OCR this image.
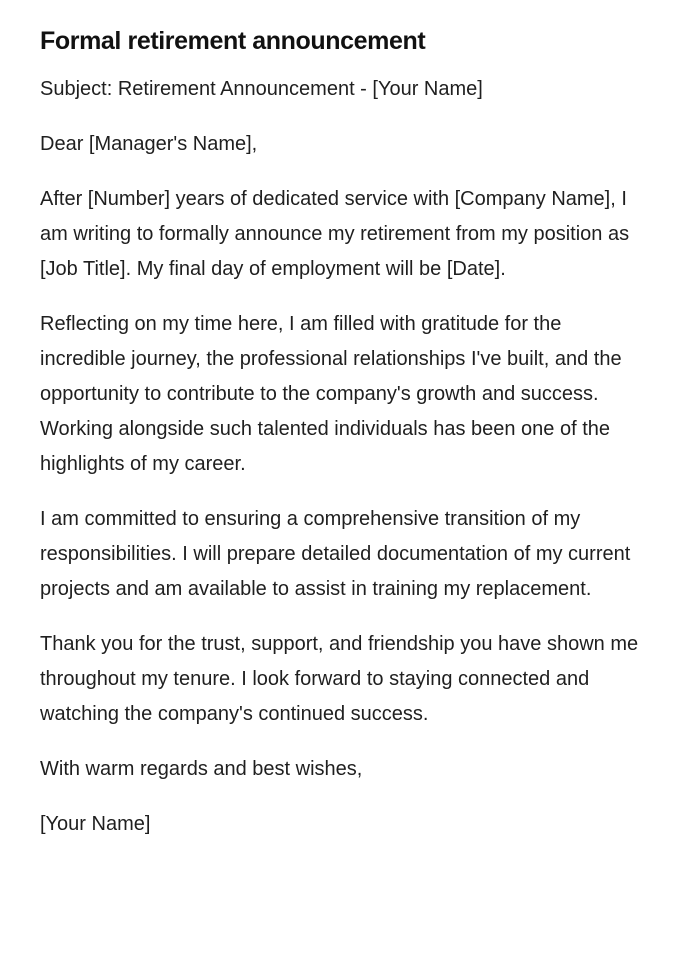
Formal retirement announcement

Subject: Retirement Announcement - [Your Name]

Dear [Manager's Name],

After [Number] years of dedicated service with [Company Name], I am writing to formally announce my retirement from my position as [Job Title]. My final day of employment will be [Date].

Reflecting on my time here, I am filled with gratitude for the incredible journey, the professional relationships I've built, and the opportunity to contribute to the company's growth and success. Working alongside such talented individuals has been one of the highlights of my career.

I am committed to ensuring a comprehensive transition of my responsibilities. I will prepare detailed documentation of my current projects and am available to assist in training my replacement.

Thank you for the trust, support, and friendship you have shown me throughout my tenure. I look forward to staying connected and watching the company's continued success.

With warm regards and best wishes,

[Your Name]
